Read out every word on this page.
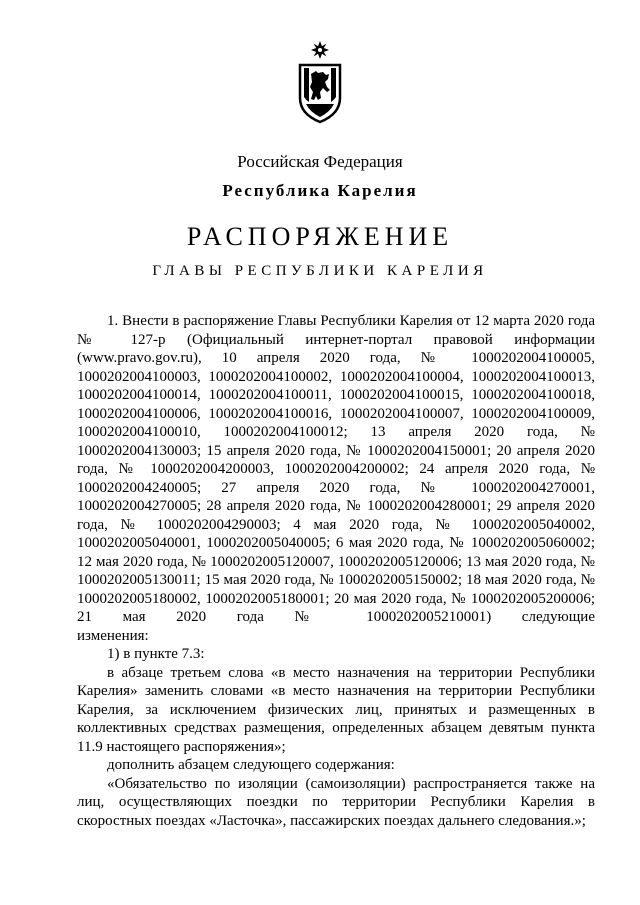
Российская Федерация
Республика Карелия
РАСПОРЯЖЕНИЕ
ГЛАВЫ РЕСПУБЛИКИ КАРЕЛИЯ

1. Внести в распоряжение Главы Республики Карелия от 12 марта 2020 года № 127-р (Официальный интернет-портал правовой информации (www.pravo.gov.ru), 10 апреля 2020 года, № 1000202004100005, 1000202004100003, 1000202004100002, 1000202004100004, 1000202004100013, 1000202004100014, 1000202004100011, 1000202004100015, 1000202004100018, 1000202004100006, 1000202004100016, 1000202004100007, 1000202004100009, 1000202004100010, 1000202004100012; 13 апреля 2020 года, № 1000202004130003; 15 апреля 2020 года, № 1000202004150001; 20 апреля 2020 года, № 1000202004200003, 1000202004200002; 24 апреля 2020 года, № 1000202004240005; 27 апреля 2020 года, № 1000202004270001, 1000202004270005; 28 апреля 2020 года, № 1000202004280001; 29 апреля 2020 года, № 1000202004290003; 4 мая 2020 года, № 1000202005040002, 1000202005040001, 1000202005040005; 6 мая 2020 года, № 1000202005060002; 12 мая 2020 года, № 1000202005120007, 1000202005120006; 13 мая 2020 года, № 1000202005130011; 15 мая 2020 года, № 1000202005150002; 18 мая 2020 года, № 1000202005180002, 1000202005180001; 20 мая 2020 года, № 1000202005200006; 21 мая 2020 года № 1000202005210001) следующие

изменения:

1) в пункте 7.3:

в абзаце третьем слова «в место назначения на территории Республики Карелия» заменить словами «в место назначения на территории Республики Карелия, за исключением физических лиц, принятых и размещенных в коллективных средствах размещения, определенных абзацем девятым пункта 11.9 настоящего распоряжения»;

дополнить абзацем следующего содержания:

«Обязательство по изоляции (самоизоляции) распространяется также на лиц, осуществляющих поездки по территории Республики Карелия в скоростных поездах «Ласточка», пассажирских поездах дальнего следования.»;
